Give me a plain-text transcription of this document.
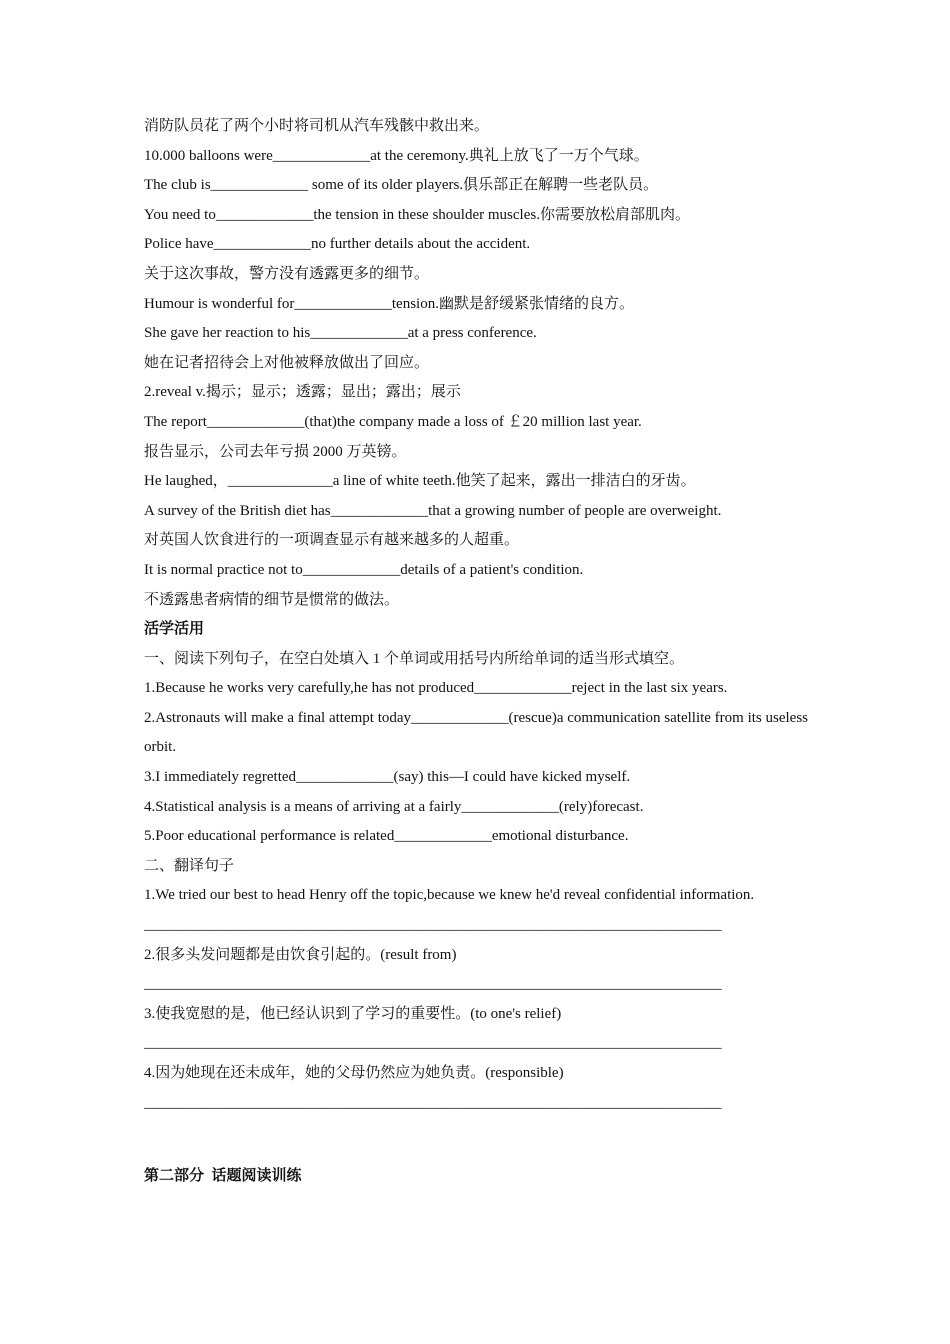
消防队员花了两个小时将司机从汽车残骸中救出来。
10.000 balloons were_____________at the ceremony.典礼上放飞了一万个气球。
The club is_____________ some of its older players.俱乐部正在解聘一些老队员。
You need to_____________the tension in these shoulder muscles.你需要放松肩部肌肉。
Police have_____________no further details about the accident.
关于这次事故，警方没有透露更多的细节。
Humour is wonderful for_____________tension.幽默是舒缓紧张情绪的良方。
She gave her reaction to his_____________at a press conference.
她在记者招待会上对他被释放做出了回应。
2.reveal v.揭示；显示；透露；显出；露出；展示
The report_____________(that)the company made a loss of ￡20 million last year.
报告显示，公司去年亏损 2000 万英镑。
He laughed，______________a line of white teeth.他笑了起来，露出一排洁白的牙齿。
A survey of the British diet has_____________that a growing number of people are overweight.
对英国人饮食进行的一项调查显示有越来越多的人超重。
It is normal practice not to_____________details of a patient's condition.
不透露患者病情的细节是惯常的做法。
活学活用
一、阅读下列句子，在空白处填入 1 个单词或用括号内所给单词的适当形式填空。
1.Because he works very carefully,he has not produced_____________reject in the last six years.
2.Astronauts will make a final attempt today_____________(rescue)a communication satellite from its useless orbit.
3.I immediately regretted_____________(say) this—I could have kicked myself.
4.Statistical analysis is a means of arriving at a fairly_____________(rely)forecast.
5.Poor educational performance is related_____________emotional disturbance.
二、翻译句子
1.We tried our best to head Henry off the topic,because we knew he'd reveal confidential information.
_____________________________________________________________________________
2.很多头发问题都是由饮食引起的。(result from)
_____________________________________________________________________________
3.使我宽慰的是，他已经认识到了学习的重要性。(to one's relief)
_____________________________________________________________________________
4.因为她现在还未成年，她的父母仍然应为她负责。(responsible)
_____________________________________________________________________________
第二部分  话题阅读训练
